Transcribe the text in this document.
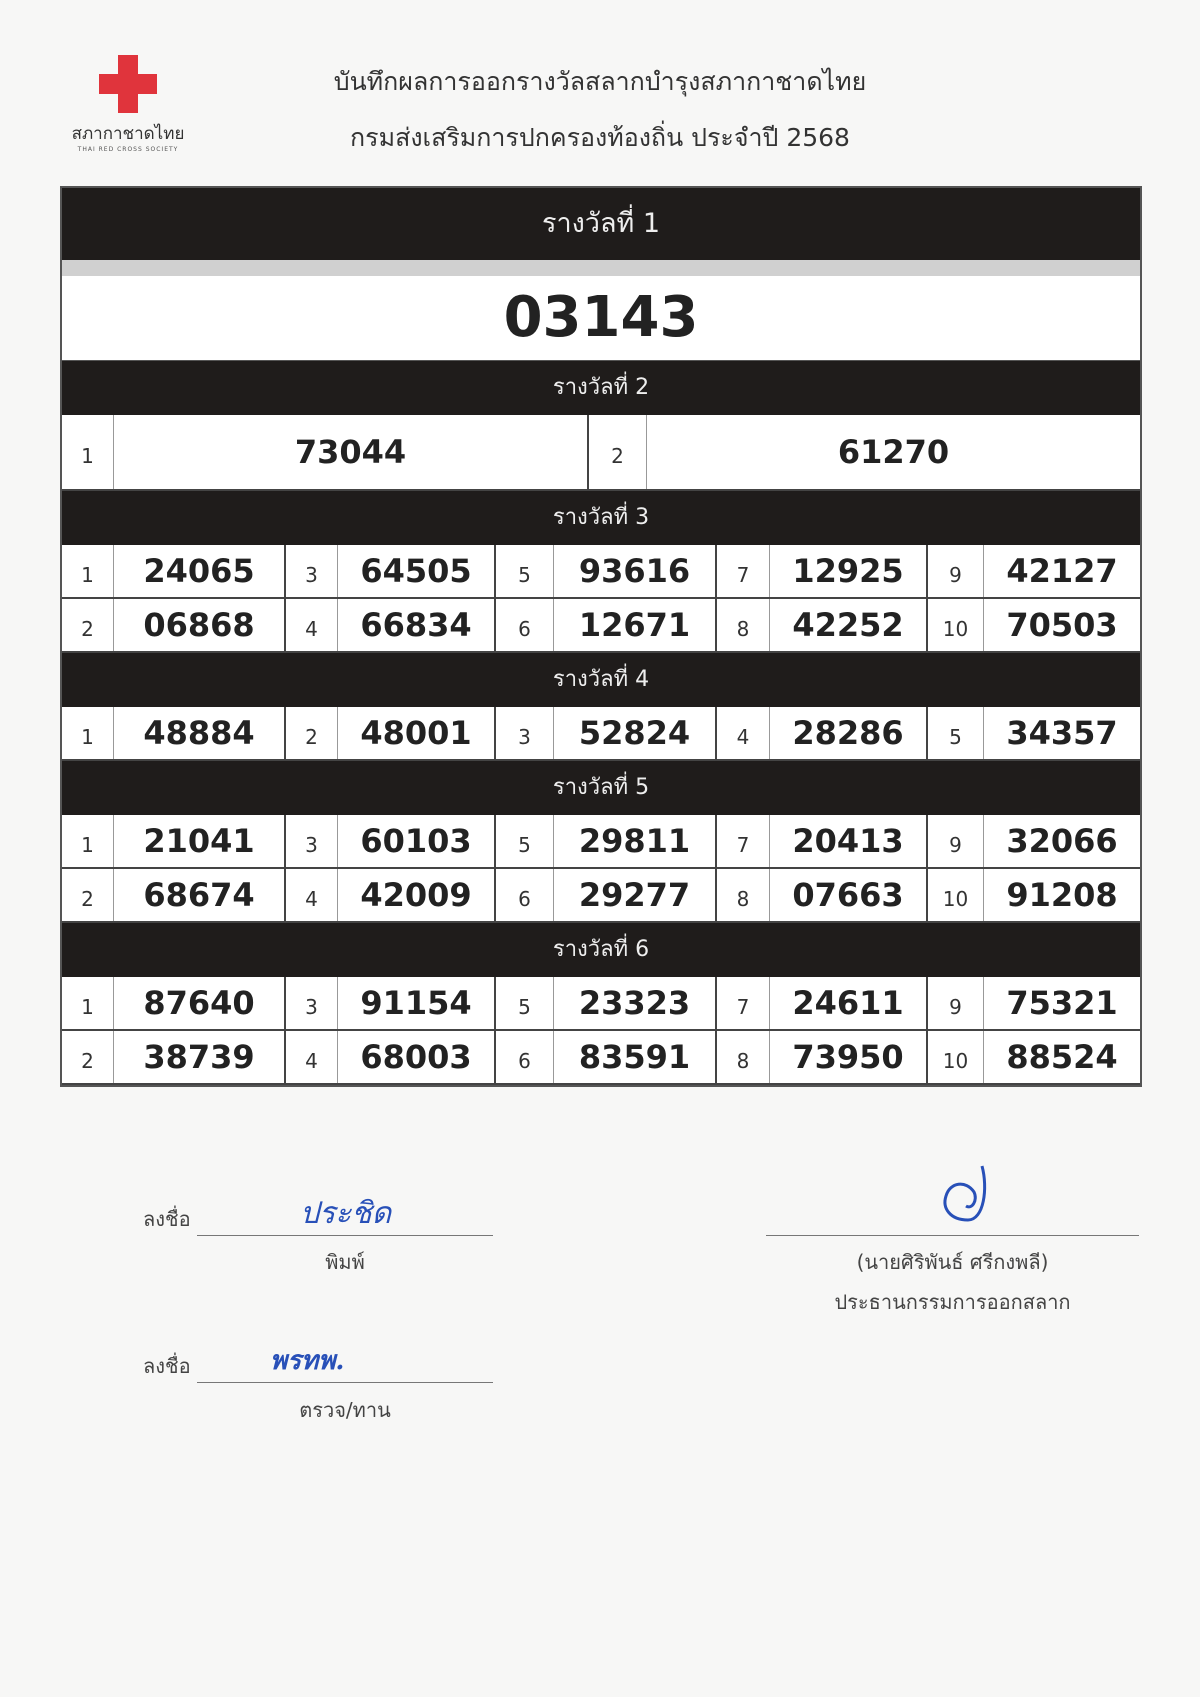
สภากาชาดไทย
THAI RED CROSS SOCIETY
บันทึกผลการออกรางวัลสลากบำรุงสภากาชาดไทย
กรมส่งเสริมการปกครองท้องถิ่น ประจำปี 2568
รางวัลที่ 1
03143
รางวัลที่ 2
1	73044	2	61270
รางวัลที่ 3
1	24065	3	64505	5	93616	7	12925	9	42127
2	06868	4	66834	6	12671	8	42252	10	70503
รางวัลที่ 4
1	48884	2	48001	3	52824	4	28286	5	34357
รางวัลที่ 5
1	21041	3	60103	5	29811	7	20413	9	32066
2	68674	4	42009	6	29277	8	07663	10	91208
รางวัลที่ 6
1	87640	3	91154	5	23323	7	24611	9	75321
2	38739	4	68003	6	83591	8	73950	10	88524
ลงชื่อ	ประชิด
พิมพ์
ลงชื่อ	พรทพ.
ตรวจ/ทาน
(นายศิริพันธ์ ศรีกงพลี)
ประธานกรรมการออกสลาก
